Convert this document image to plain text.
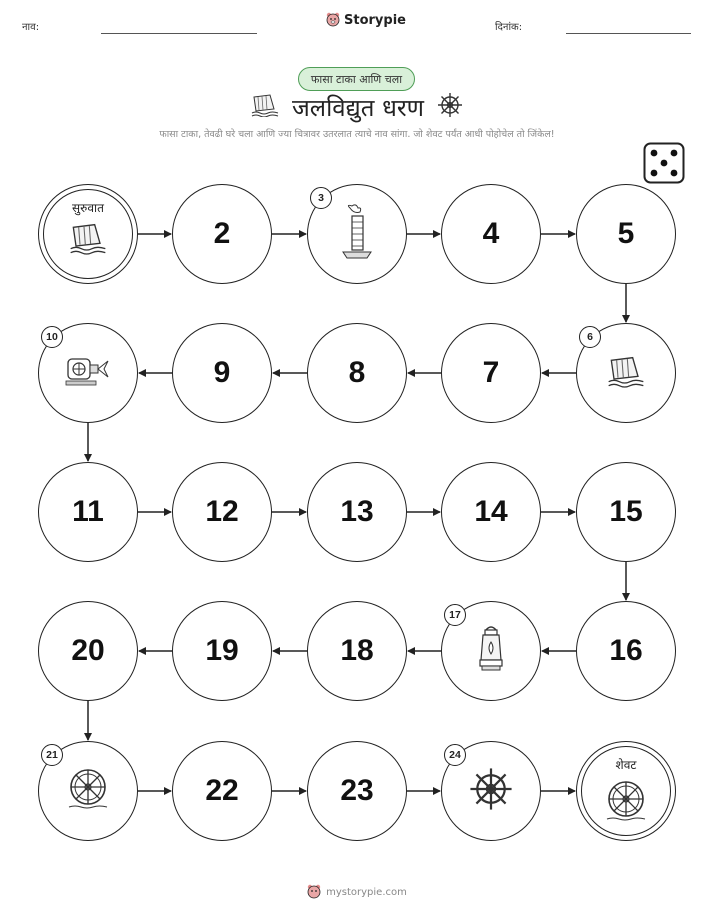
नाव:	Storypie	दिनांक:
फासा टाका आणि चला
जलविद्युत धरण
फासा टाका, तेवढी घरे चला आणि ज्या चित्रावर उतरलात त्याचे नाव सांगा. जो शेवट पर्यंत आधी पोहोचेल तो जिंकेल!
सुरुवात
2
3
4	5
6
7
8
9
10
11	12	13	14	15
16
17
18
19
20
21
22	23
24
शेवट
mystorypie.com
